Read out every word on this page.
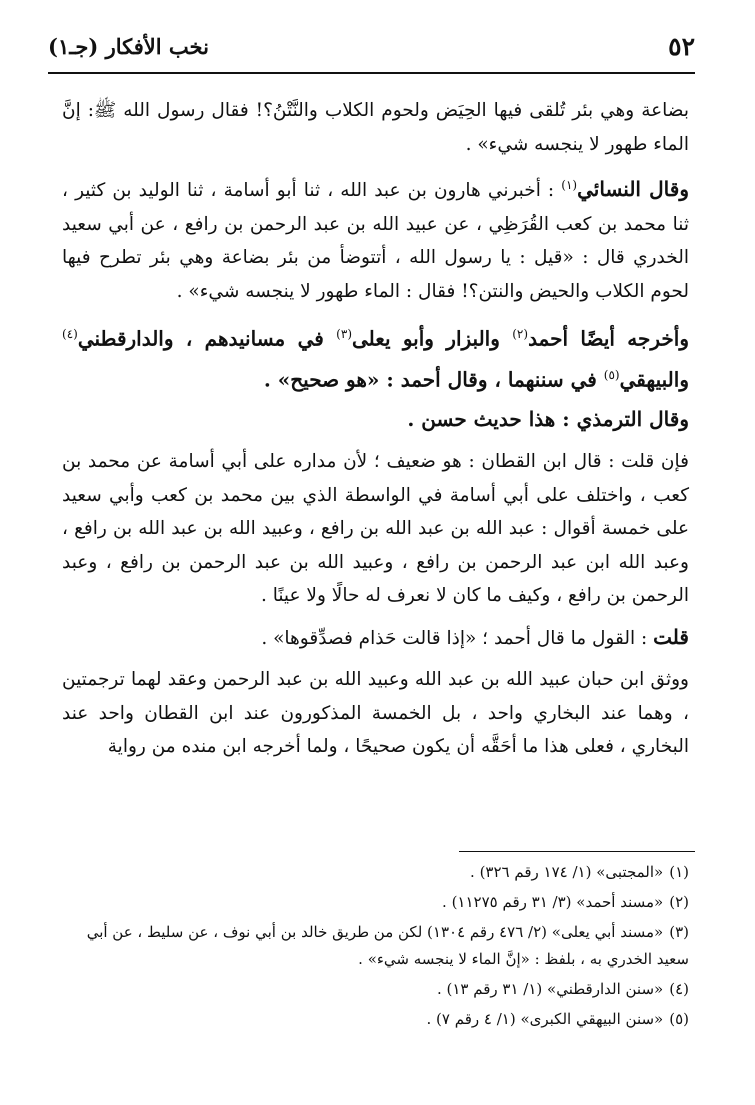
٥٢
نخب الأفكار (جـ١)

بضاعة وهي بئر تُلقى فيها الحِيَض ولحوم الكلاب والنَّتْنُ؟! فقال رسول الله ﷺ: إنَّ الماء طهور لا ينجسه شيء» .

وقال النسائي$^{(١)}$ : أخبرني هارون بن عبد الله ، ثنا أبو أسامة ، ثنا الوليد بن كثير ، ثنا محمد بن كعب القُرَظِي ، عن عبيد الله بن عبد الرحمن بن رافع ، عن أبي سعيد الخدري قال : «قيل : يا رسول الله ، أتتوضأ من بئر بضاعة وهي بئر تطرح فيها لحوم الكلاب والحيض والنتن؟! فقال : الماء طهور لا ينجسه شيء» .

وأخرجه أيضًا أحمد$^{(٢)}$ والبزار وأبو يعلى$^{(٣)}$ في مسانيدهم ، والدارقطني$^{(٤)}$ والبيهقي$^{(٥)}$ في سننهما ، وقال أحمد : «هو صحيح» .

وقال الترمذي : هذا حديث حسن .

فإن قلت : قال ابن القطان : هو ضعيف ؛ لأن مداره على أبي أسامة عن محمد بن كعب ، واختلف على أبي أسامة في الواسطة الذي بين محمد بن كعب وأبي سعيد على خمسة أقوال : عبد الله بن عبد الله بن رافع ، وعبيد الله بن عبد الله بن رافع ، وعبد الله ابن عبد الرحمن بن رافع ، وعبيد الله بن عبد الرحمن بن رافع ، وعبد الرحمن بن رافع ، وكيف ما كان لا نعرف له حالًا ولا عينًا .

قلت : القول ما قال أحمد ؛ «إذا قالت حَذام فصدِّقوها» .

ووثق ابن حبان عبيد الله بن عبد الله وعبيد الله بن عبد الرحمن وعقد لهما ترجمتين ، وهما عند البخاري واحد ، بل الخمسة المذكورون عند ابن القطان واحد عند البخاري ، فعلى هذا ما أحَقَّه أن يكون صحيحًا ، ولما أخرجه ابن منده من رواية

(١)«المجتبى» (١/ ١٧٤ رقم ٣٢٦) .

(٢)«مسند أحمد» (٣/ ٣١ رقم ١١٢٧٥) .

(٣)«مسند أبي يعلى» (٢/ ٤٧٦ رقم ١٣٠٤) لكن من طريق خالد بن أبي نوف ، عن سليط ، عن أبي سعيد الخدري به ، بلفظ : «إنَّ الماء لا ينجسه شيء» .

(٤)«سنن الدارقطني» (١/ ٣١ رقم ١٣) .

(٥)«سنن البيهقي الكبرى» (١/ ٤ رقم ٧) .
